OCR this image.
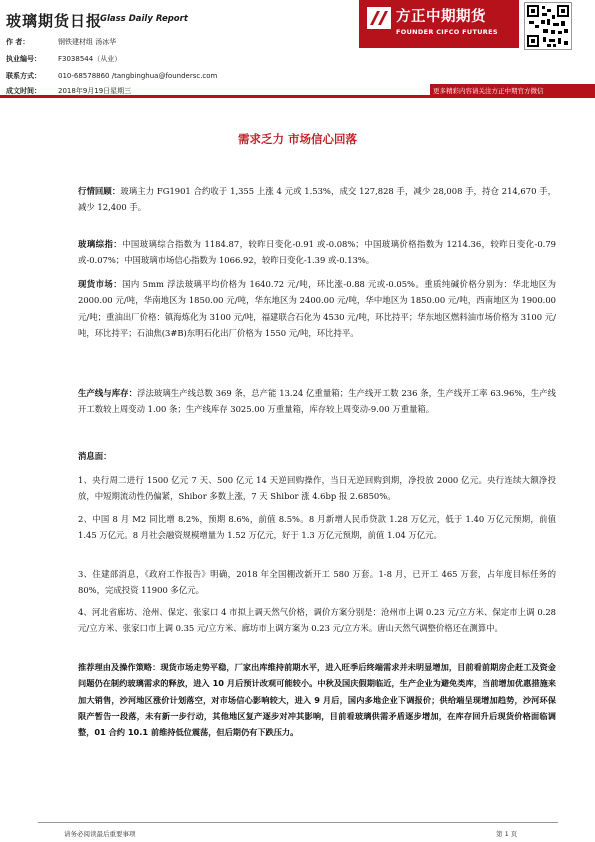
玻璃期货日报
Glass Daily Report
作 者：	钢铁建材组 汤冰华
执业编号： F3038544（从业）
联系方式： 010-68578860 /tangbinghua@foundersc.com
成文时间： 2018年9月19日星期三
方正中期期货
FOUNDER CIFCO FUTURES
更多精彩内容请关注方正中期官方微信
需求乏力 市场信心回落
行情回顾：玻璃主力 FG1901 合约收于 1,355 上涨 4 元或 1.53%，成交 127,828 手，减少 28,008 手，持仓 214,670 手，减少 12,400 手。
玻璃综指：中国玻璃综合指数为 1184.87，较昨日变化-0.91 或-0.08%；中国玻璃价格指数为 1214.36，较昨日变化-0.79 或-0.07%；中国玻璃市场信心指数为 1066.92，较昨日变化-1.39 或-0.13%。
现货市场：国内 5mm 浮法玻璃平均价格为 1640.72 元/吨，环比涨-0.88 元或-0.05%。重质纯碱价格分别为：华北地区为 2000.00 元/吨，华南地区为 1850.00 元/吨，华东地区为 2400.00 元/吨，华中地区为 1850.00 元/吨，西南地区为 1900.00 元/吨；重油出厂价格：镇海炼化为 3100 元/吨，福建联合石化为 4530 元/吨，环比持平；华东地区燃料油市场价格为 3100 元/吨，环比持平；石油焦(3#B)东明石化出厂价格为 1550 元/吨，环比持平。
生产线与库存：浮法玻璃生产线总数 369 条，总产能 13.24 亿重量箱；生产线开工数 236 条，生产线开工率 63.96%，生产线开工数较上周变动 1.00 条；生产线库存 3025.00 万重量箱，库存较上周变动-9.00 万重量箱。
消息面：
1、央行周二进行 1500 亿元 7 天、500 亿元 14 天逆回购操作，当日无逆回购到期，净投放 2000 亿元。央行连续大额净投放，中短期流动性仍偏紧，Shibor 多数上涨，7 天 Shibor 涨 4.6bp 报 2.6850%。
2、中国 8 月 M2 同比增 8.2%，预期 8.6%，前值 8.5%。8 月新增人民币贷款 1.28 万亿元，低于 1.40 万亿元预期，前值 1.45 万亿元。8 月社会融资规模增量为 1.52 万亿元，好于 1.3 万亿元预期，前值 1.04 万亿元。
3、住建部消息，《政府工作报告》明确，2018 年全国棚改新开工 580 万套。1-8 月，已开工 465 万套，占年度目标任务的 80%，完成投资 11900 多亿元。
4、河北省廊坊、沧州、保定、张家口 4 市拟上调天然气价格，调价方案分别是：沧州市上调 0.23 元/立方米、保定市上调 0.28 元/立方米、张家口市上调 0.35 元/立方米、廊坊市上调方案为 0.23 元/立方米。唐山天然气调整价格还在测算中。
推荐理由及操作策略：现货市场走势平稳，厂家出库维持前期水平，进入旺季后终端需求并未明显增加，目前看前期房企赶工及资金问题仍在制约玻璃需求的释放，进入 10 月后预计改观可能较小。中秋及国庆假期临近，生产企业为避免类库，当前增加优惠措施来加大销售，沙河地区涨价计划落空，对市场信心影响较大，进入 9 月后，国内多地企业下调报价；供给端呈现增加趋势，沙河环保限产暂告一段落，未有新一步行动，其他地区复产逐步对冲其影响，目前看玻璃供需矛盾逐步增加，在库存回升后现货价格面临调整，01 合约 10.1 前维持低位震荡，但后期仍有下跌压力。
请务必阅读最后重要事项	第 1 页
